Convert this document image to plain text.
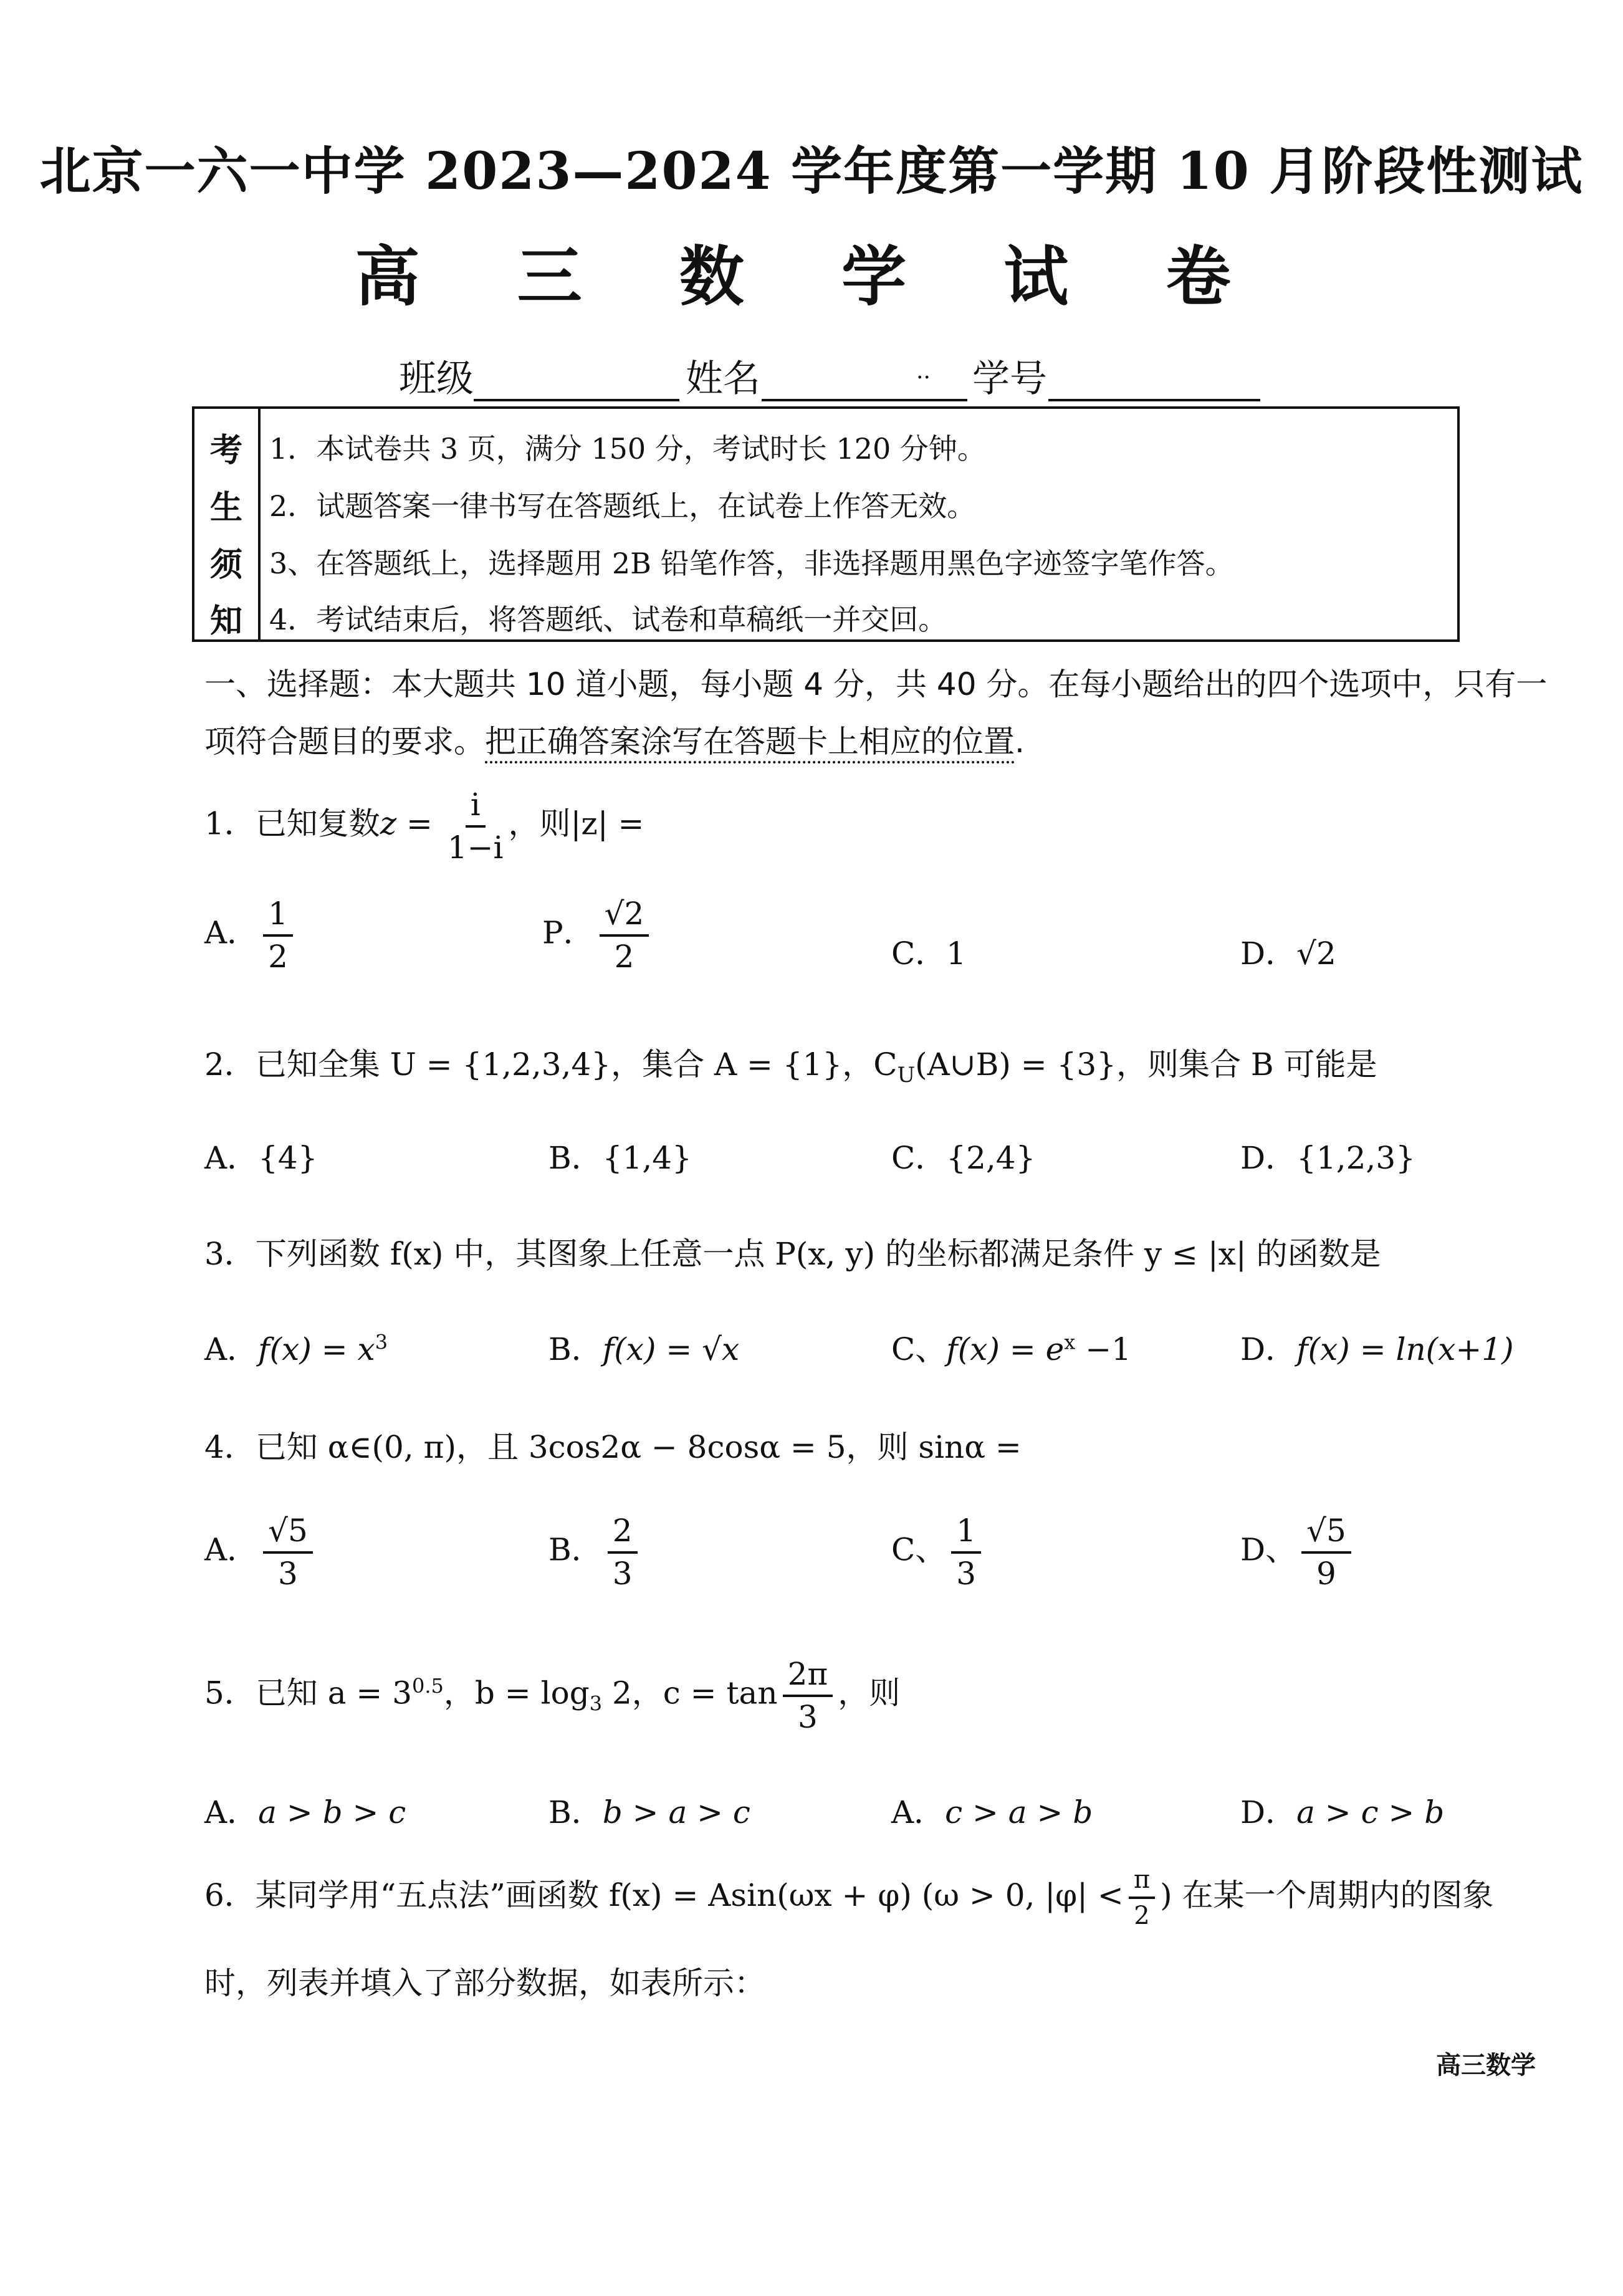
北京一六一中学 2023—2024 学年度第一学期 10 月阶段性测试
高 三 数 学 试 卷
班级	姓名	.. 学号
考
生
须
知
1．本试卷共 3 页，满分 150 分，考试时长 120 分钟。
2．试题答案一律书写在答题纸上，在试卷上作答无效。
3、在答题纸上，选择题用 2B 铅笔作答，非选择题用黑色字迹签字笔作答。
4．考试结束后，将答题纸、试卷和草稿纸一并交回。
一、选择题：本大题共 10 道小题，每小题 4 分，共 40 分。在每小题给出的四个选项中，只有一
项符合题目的要求。把正确答案涂写在答题卡上相应的位置.
1．已知复数$z = \frac{i}{1-i}$ ，则|z| =
A． $\frac{1}{2}$	P． $\frac{√2}{2}$	C．1	D．√2
2．已知全集 U = {1,2,3,4}，集合 A = {1}，$C_U(A\cup B) = \{3\}$，则集合 B 可能是
A．{4}	B．{1,4}	C．{2,4}	D．{1,2,3}
3．下列函数 f(x) 中，其图象上任意一点 P(x, y) 的坐标都满足条件 y ≤ |x| 的函数是
A．$f(x) = x^3$	B．f(x) = √x	C、$f(x) = e^x -1$	D．f(x) = ln(x+1)
4．已知 α∈(0, π)，且 3cos2α − 8cosα = 5，则 sinα =
A． $\frac{√5}{3}$	B． $\frac{2}{3}$	C、 $\frac{1}{3}$	D、 $\frac{√5}{9}$
5．已知 $a = 3^{0.5}$，$b = \log_3 2$，$c = \tan \frac{2\pi}{3}$ ，则
A．a > b > c	B．b > a > c	A．c > a > b	D．a > c > b
6．某同学用“五点法”画函数 f(x) = Asin(ωx + φ) (ω > 0, $|\varphi| < \frac{\pi}{2}$ ) 在某一个周期内的图象
时，列表并填入了部分数据，如表所示：
高三数学
